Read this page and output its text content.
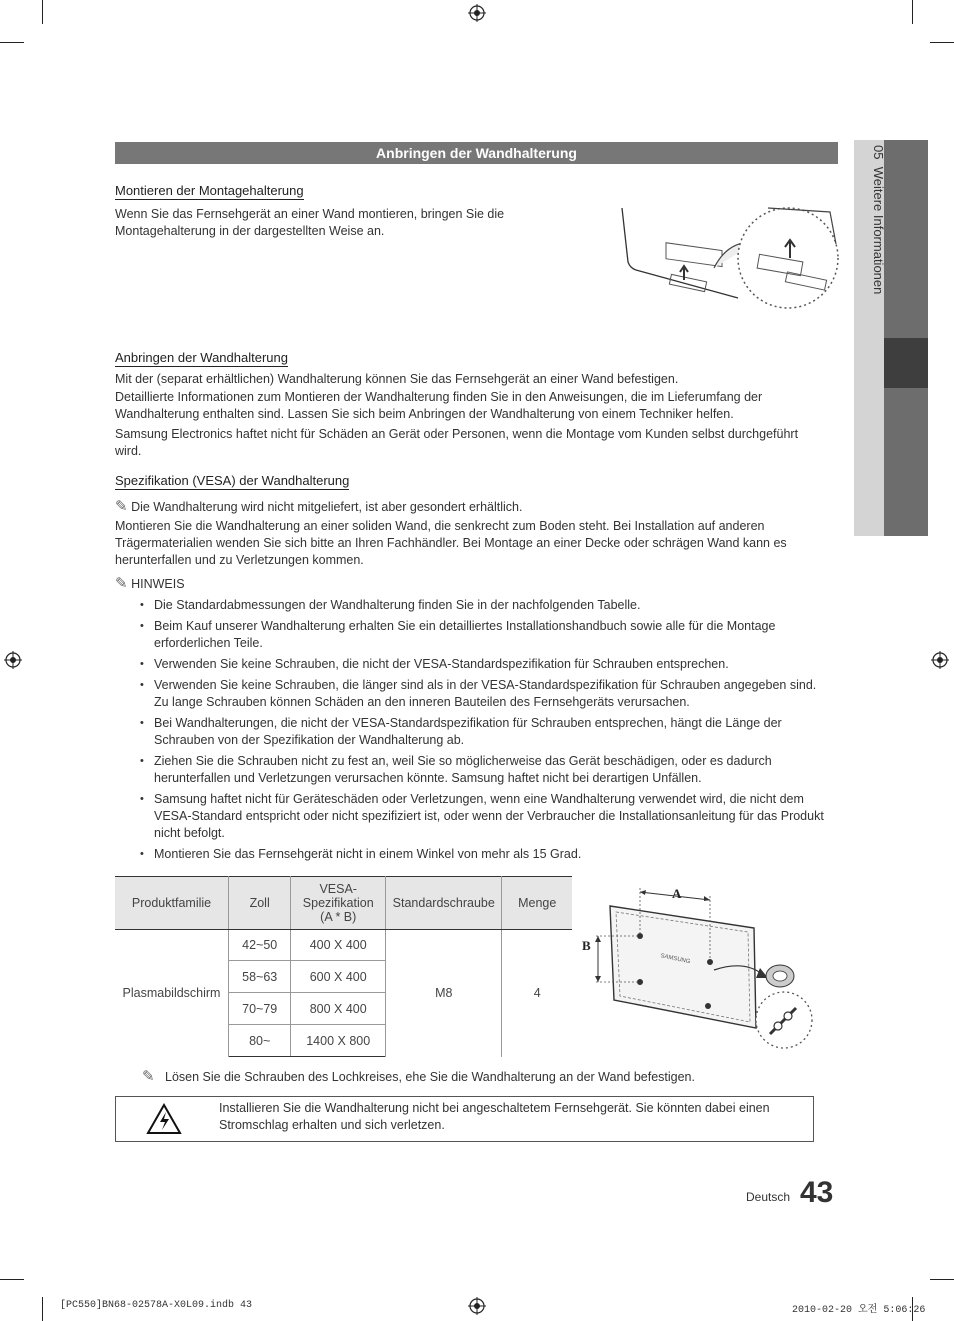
05  Weitere Informationen
Anbringen der Wandhalterung
Montieren der Montagehalterung
Wenn Sie das Fernsehgerät an einer Wand montieren, bringen Sie die Montagehalterung in der dargestellten Weise an.
Anbringen der Wandhalterung
Mit der (separat erhältlichen) Wandhalterung können Sie das Fernsehgerät an einer Wand befestigen.
Detaillierte Informationen zum Montieren der Wandhalterung finden Sie in den Anweisungen, die im Lieferumfang der Wandhalterung enthalten sind. Lassen Sie sich beim Anbringen der Wandhalterung von einem Techniker helfen.
Samsung Electronics haftet nicht für Schäden an Gerät oder Personen, wenn die Montage vom Kunden selbst durchgeführt wird.
Spezifikation (VESA) der Wandhalterung
✎ Die Wandhalterung wird nicht mitgeliefert, ist aber gesondert erhältlich.
Montieren Sie die Wandhalterung an einer soliden Wand, die senkrecht zum Boden steht. Bei Installation auf anderen Trägermaterialien wenden Sie sich bitte an Ihren Fachhändler. Bei Montage an einer Decke oder schrägen Wand kann es herunterfallen und zu Verletzungen kommen.
✎ HINWEIS
• Die Standardabmessungen der Wandhalterung finden Sie in der nachfolgenden Tabelle.
• Beim Kauf unserer Wandhalterung erhalten Sie ein detailliertes Installationshandbuch sowie alle für die Montage erforderlichen Teile.
• Verwenden Sie keine Schrauben, die nicht der VESA-Standardspezifikation für Schrauben entsprechen.
• Verwenden Sie keine Schrauben, die länger sind als in der VESA-Standardspezifikation für Schrauben angegeben sind. Zu lange Schrauben können Schäden an den inneren Bauteilen des Fernsehgeräts verursachen.
• Bei Wandhalterungen, die nicht der VESA-Standardspezifikation für Schrauben entsprechen, hängt die Länge der Schrauben von der Spezifikation der Wandhalterung ab.
• Ziehen Sie die Schrauben nicht zu fest an, weil Sie so möglicherweise das Gerät beschädigen, oder es dadurch herunterfallen und Verletzungen verursachen könnte. Samsung haftet nicht bei derartigen Unfällen.
• Samsung haftet nicht für Geräteschäden oder Verletzungen, wenn eine Wandhalterung verwendet wird, die nicht dem VESA-Standard entspricht oder nicht spezifiziert ist, oder wenn der Verbraucher die Installationsanleitung für das Produkt nicht befolgt.
• Montieren Sie das Fernsehgerät nicht in einem Winkel von mehr als 15 Grad.
Produktfamilie	Zoll	VESA-Spezifikation (A * B)	Standardschraube	Menge
Plasmabildschirm	42~50	400 X 400	M8	4
	58~63	600 X 400		
	70~79	800 X 400		
	80~	1400 X 800		
A
B
SAMSUNG
✎ Lösen Sie die Schrauben des Lochkreises, ehe Sie die Wandhalterung an der Wand befestigen.
Installieren Sie die Wandhalterung nicht bei angeschaltetem Fernsehgerät. Sie könnten dabei einen Stromschlag erhalten und sich verletzen.
Deutsch 43
[PC550]BN68-02578A-X0L09.indb 43	2010-02-20 오전 5:06:26
